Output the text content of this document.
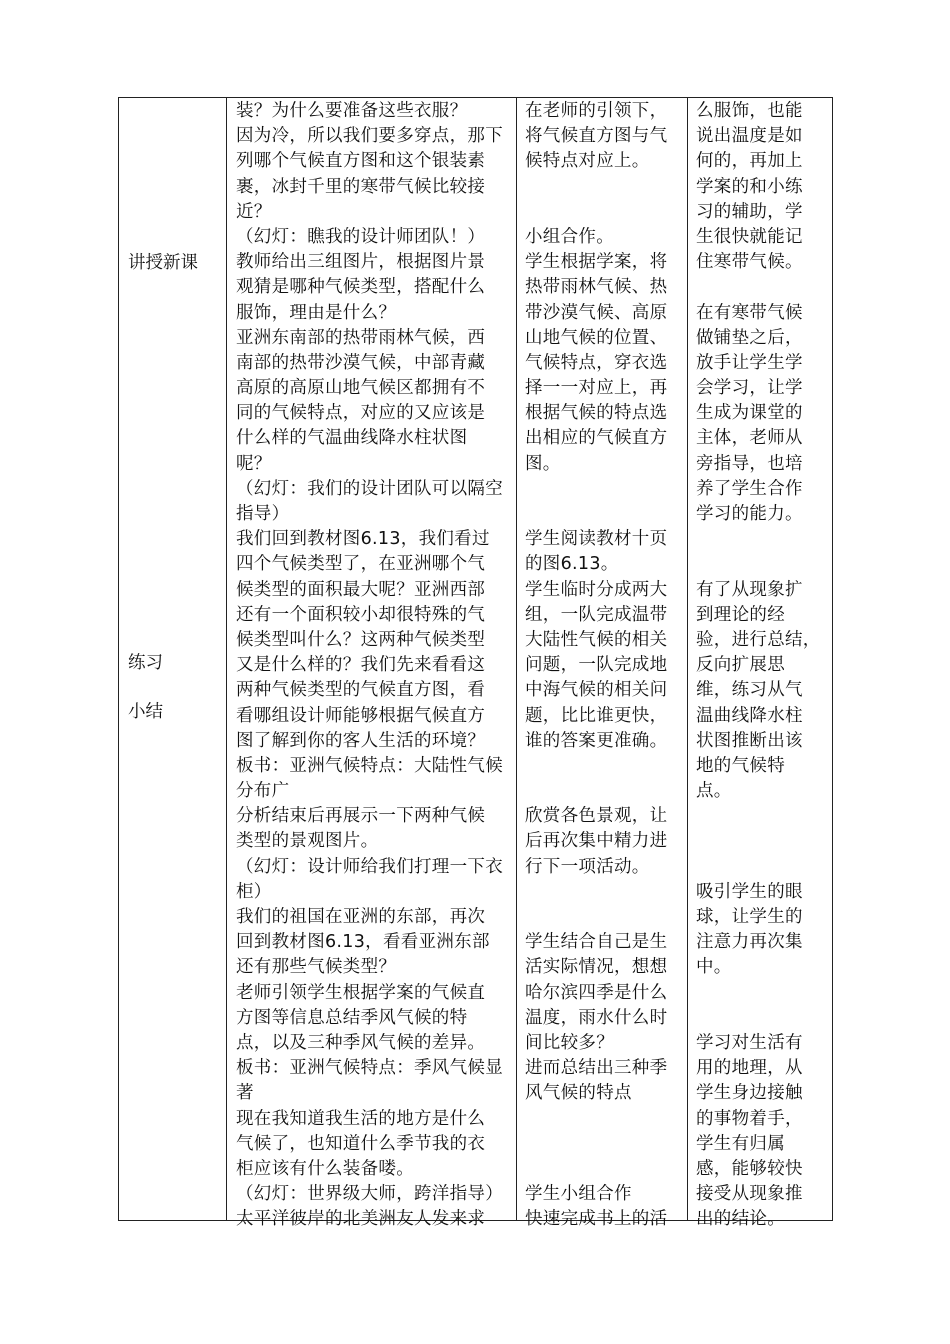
讲授新课
练习
小结
装？为什么要准备这些衣服？
因为冷，所以我们要多穿点，那下
列哪个气候直方图和这个银装素
裹，冰封千里的寒带气候比较接
近？
（幻灯：瞧我的设计师团队！）
教师给出三组图片，根据图片景
观猜是哪种气候类型，搭配什么
服饰，理由是什么？
亚洲东南部的热带雨林气候，西
南部的热带沙漠气候，中部青藏
高原的高原山地气候区都拥有不
同的气候特点，对应的又应该是
什么样的气温曲线降水柱状图
呢？
（幻灯：我们的设计团队可以隔空
指导）
我们回到教材图6.13，我们看过
四个气候类型了，在亚洲哪个气
候类型的面积最大呢？亚洲西部
还有一个面积较小却很特殊的气
候类型叫什么？这两种气候类型
又是什么样的？我们先来看看这
两种气候类型的气候直方图，看
看哪组设计师能够根据气候直方
图了解到你的客人生活的环境？
板书：亚洲气候特点：大陆性气候
分布广
分析结束后再展示一下两种气候
类型的景观图片。
（幻灯：设计师给我们打理一下衣
柜）
我们的祖国在亚洲的东部，再次
回到教材图6.13，看看亚洲东部
还有那些气候类型？
老师引领学生根据学案的气候直
方图等信息总结季风气候的特
点，以及三种季风气候的差异。
板书：亚洲气候特点：季风气候显
著
现在我知道我生活的地方是什么
气候了，也知道什么季节我的衣
柜应该有什么装备喽。
（幻灯：世界级大师，跨洋指导）
太平洋彼岸的北美洲友人发来求
在老师的引领下，
将气候直方图与气
候特点对应上。
小组合作。
学生根据学案，将
热带雨林气候、热
带沙漠气候、高原
山地气候的位置、
气候特点，穿衣选
择一一对应上，再
根据气候的特点选
出相应的气候直方
图。
学生阅读教材十页
的图6.13。
学生临时分成两大
组，一队完成温带
大陆性气候的相关
问题，一队完成地
中海气候的相关问
题，比比谁更快，
谁的答案更准确。
欣赏各色景观，让
后再次集中精力进
行下一项活动。
学生结合自己是生
活实际情况，想想
哈尔滨四季是什么
温度，雨水什么时
间比较多？
进而总结出三种季
风气候的特点
学生小组合作
快速完成书上的活
么服饰，也能
说出温度是如
何的，再加上
学案的和小练
习的辅助，学
生很快就能记
住寒带气候。
在有寒带气候
做铺垫之后，
放手让学生学
会学习，让学
生成为课堂的
主体，老师从
旁指导，也培
养了学生合作
学习的能力。
有了从现象扩
到理论的经
验，进行总结，
反向扩展思
维，练习从气
温曲线降水柱
状图推断出该
地的气候特
点。
吸引学生的眼
球，让学生的
注意力再次集
中。
学习对生活有
用的地理，从
学生身边接触
的事物着手，
学生有归属
感，能够较快
接受从现象推
出的结论。
